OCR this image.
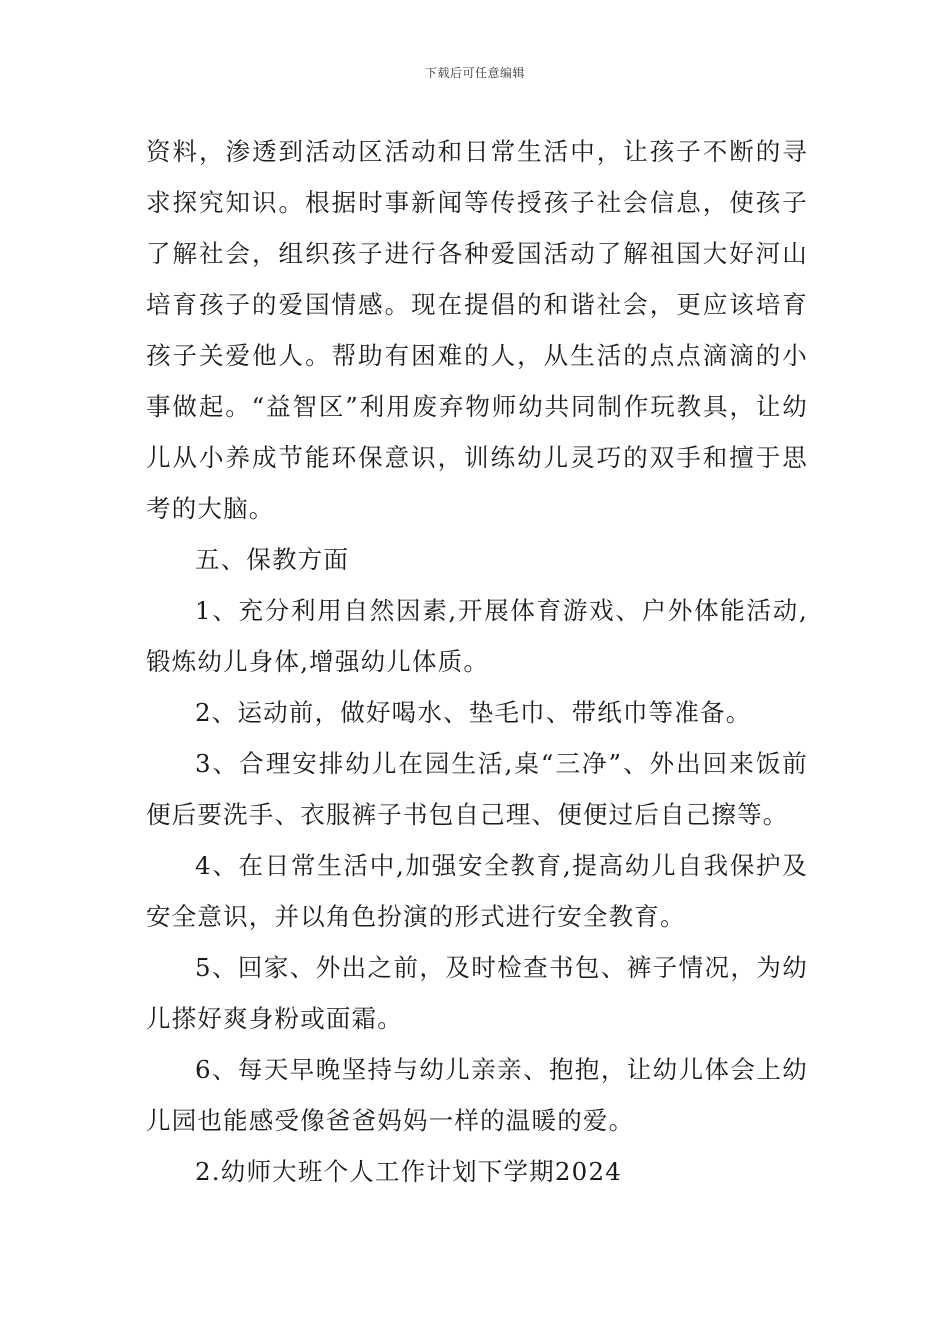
下载后可任意编辑

资料，渗透到活动区活动和日常生活中，让孩子不断的寻求探究知识。根据时事新闻等传授孩子社会信息，使孩子了解社会，组织孩子进行各种爱国活动了解祖国大好河山培育孩子的爱国情感。现在提倡的和谐社会，更应该培育孩子关爱他人。帮助有困难的人，从生活的点点滴滴的小事做起。“益智区”利用废弃物师幼共同制作玩教具，让幼儿从小养成节能环保意识，训练幼儿灵巧的双手和擅于思考的大脑。

五、保教方面

1、充分利用自然因素,开展体育游戏、户外体能活动,锻炼幼儿身体,增强幼儿体质。

2、运动前，做好喝水、垫毛巾、带纸巾等准备。

3、合理安排幼儿在园生活,桌“三净”、外出回来饭前便后要洗手、衣服裤子书包自己理、便便过后自己擦等。

4、在日常生活中,加强安全教育,提高幼儿自我保护及安全意识，并以角色扮演的形式进行安全教育。

5、回家、外出之前，及时检查书包、裤子情况，为幼儿搽好爽身粉或面霜。

6、每天早晚坚持与幼儿亲亲、抱抱，让幼儿体会上幼儿园也能感受像爸爸妈妈一样的温暖的爱。

2.幼师大班个人工作计划下学期2024
